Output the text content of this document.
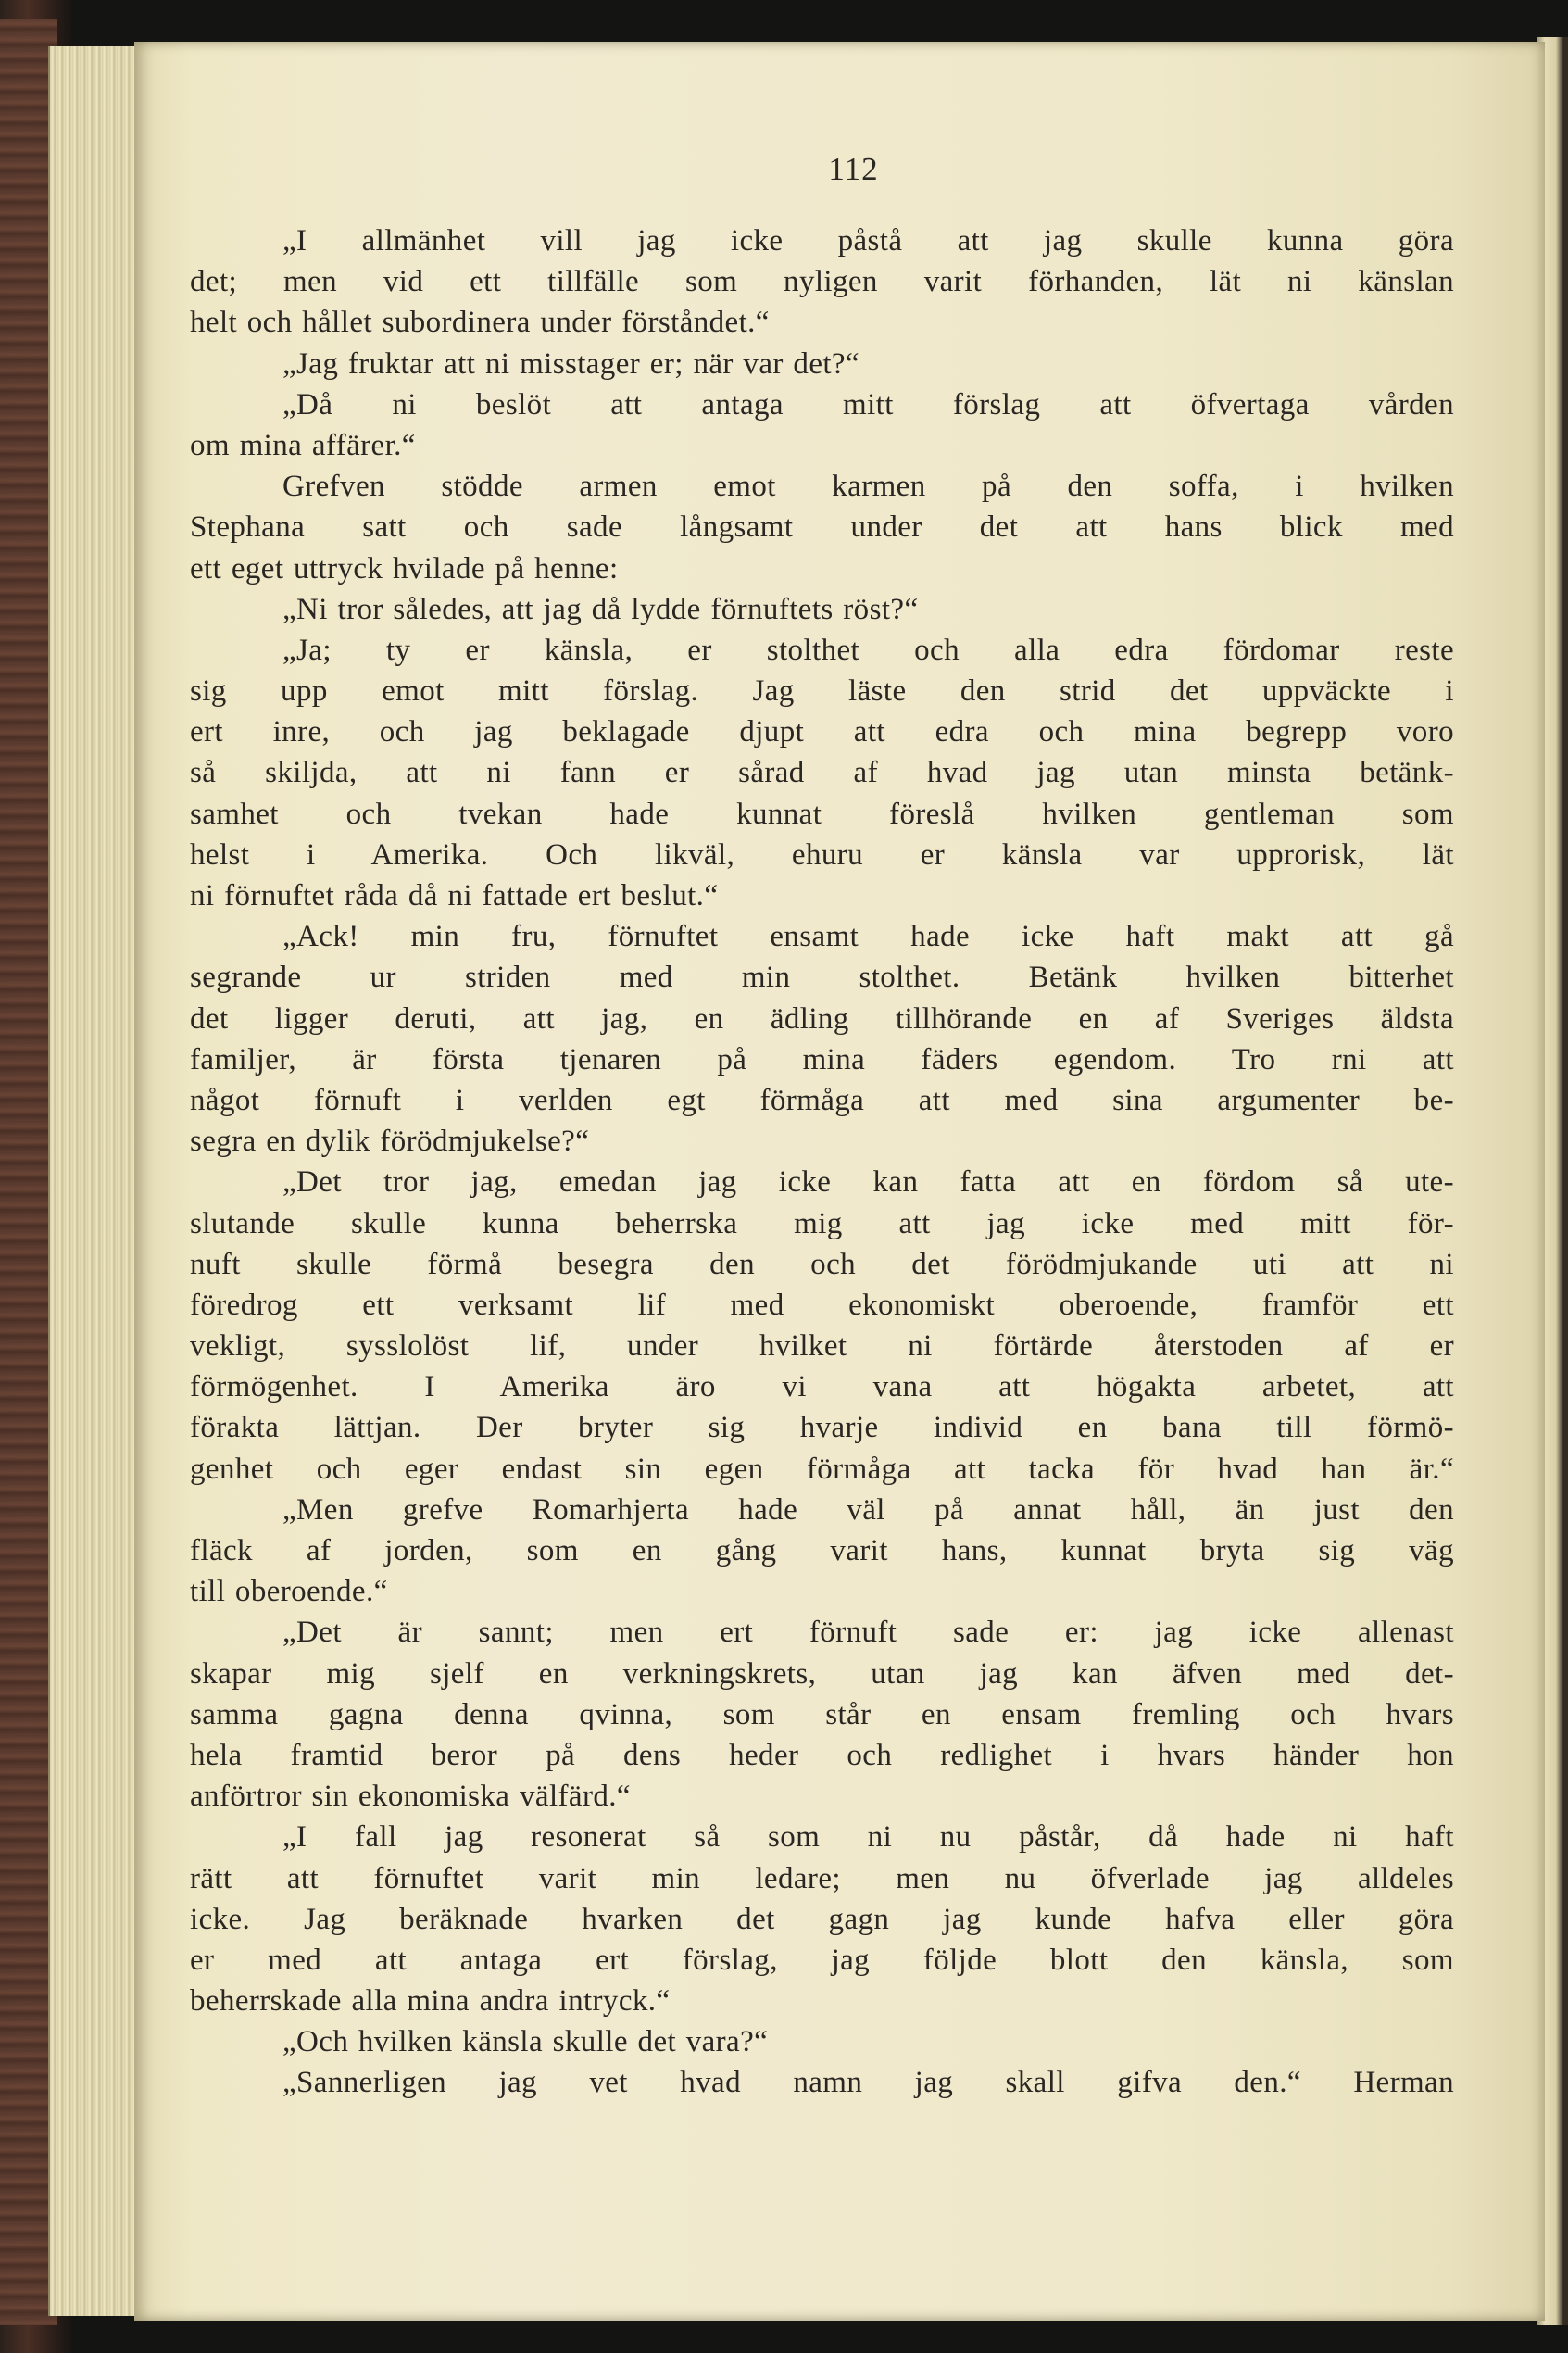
112

„I allmänhet vill jag icke påstå att jag skulle kunna göra
det; men vid ett tillfälle som nyligen varit förhanden, lät ni känslan
helt och hållet subordinera under förståndet.“
„Jag fruktar att ni misstager er; när var det?“
„Då ni beslöt att antaga mitt förslag att öfvertaga vården
om mina affärer.“
Grefven stödde armen emot karmen på den soffa, i hvilken
Stephana satt och sade långsamt under det att hans blick med
ett eget uttryck hvilade på henne:
„Ni tror således, att jag då lydde förnuftets röst?“
„Ja; ty er känsla, er stolthet och alla edra fördomar reste
sig upp emot mitt förslag. Jag läste den strid det uppväckte i
ert inre, och jag beklagade djupt att edra och mina begrepp voro
så skiljda, att ni fann er sårad af hvad jag utan minsta betänk-
samhet och tvekan hade kunnat föreslå hvilken gentleman som
helst i Amerika. Och likväl, ehuru er känsla var upprorisk, lät
ni förnuftet råda då ni fattade ert beslut.“
„Ack! min fru, förnuftet ensamt hade icke haft makt att gå
segrande ur striden med min stolthet. Betänk hvilken bitterhet
det ligger deruti, att jag, en ädling tillhörande en af Sveriges äldsta
familjer, är första tjenaren på mina fäders egendom. Tro rni att
något förnuft i verlden egt förmåga att med sina argumenter be-
segra en dylik förödmjukelse?“
„Det tror jag, emedan jag icke kan fatta att en fördom så ute-
slutande skulle kunna beherrska mig att jag icke med mitt för-
nuft skulle förmå besegra den och det förödmjukande uti att ni
föredrog ett verksamt lif med ekonomiskt oberoende, framför ett
vekligt, sysslolöst lif, under hvilket ni förtärde återstoden af er
förmögenhet. I Amerika äro vi vana att högakta arbetet, att
förakta lättjan. Der bryter sig hvarje individ en bana till förmö-
genhet och eger endast sin egen förmåga att tacka för hvad han är.“
„Men grefve Romarhjerta hade väl på annat håll, än just den
fläck af jorden, som en gång varit hans, kunnat bryta sig väg
till oberoende.“
„Det är sannt; men ert förnuft sade er: jag icke allenast
skapar mig sjelf en verkningskrets, utan jag kan äfven med det-
samma gagna denna qvinna, som står en ensam fremling och hvars
hela framtid beror på dens heder och redlighet i hvars händer hon
anförtror sin ekonomiska välfärd.“
„I fall jag resonerat så som ni nu påstår, då hade ni haft
rätt att förnuftet varit min ledare; men nu öfverlade jag alldeles
icke. Jag beräknade hvarken det gagn jag kunde hafva eller göra
er med att antaga ert förslag, jag följde blott den känsla, som
beherrskade alla mina andra intryck.“
„Och hvilken känsla skulle det vara?“
„Sannerligen jag vet hvad namn jag skall gifva den.“ Herman
